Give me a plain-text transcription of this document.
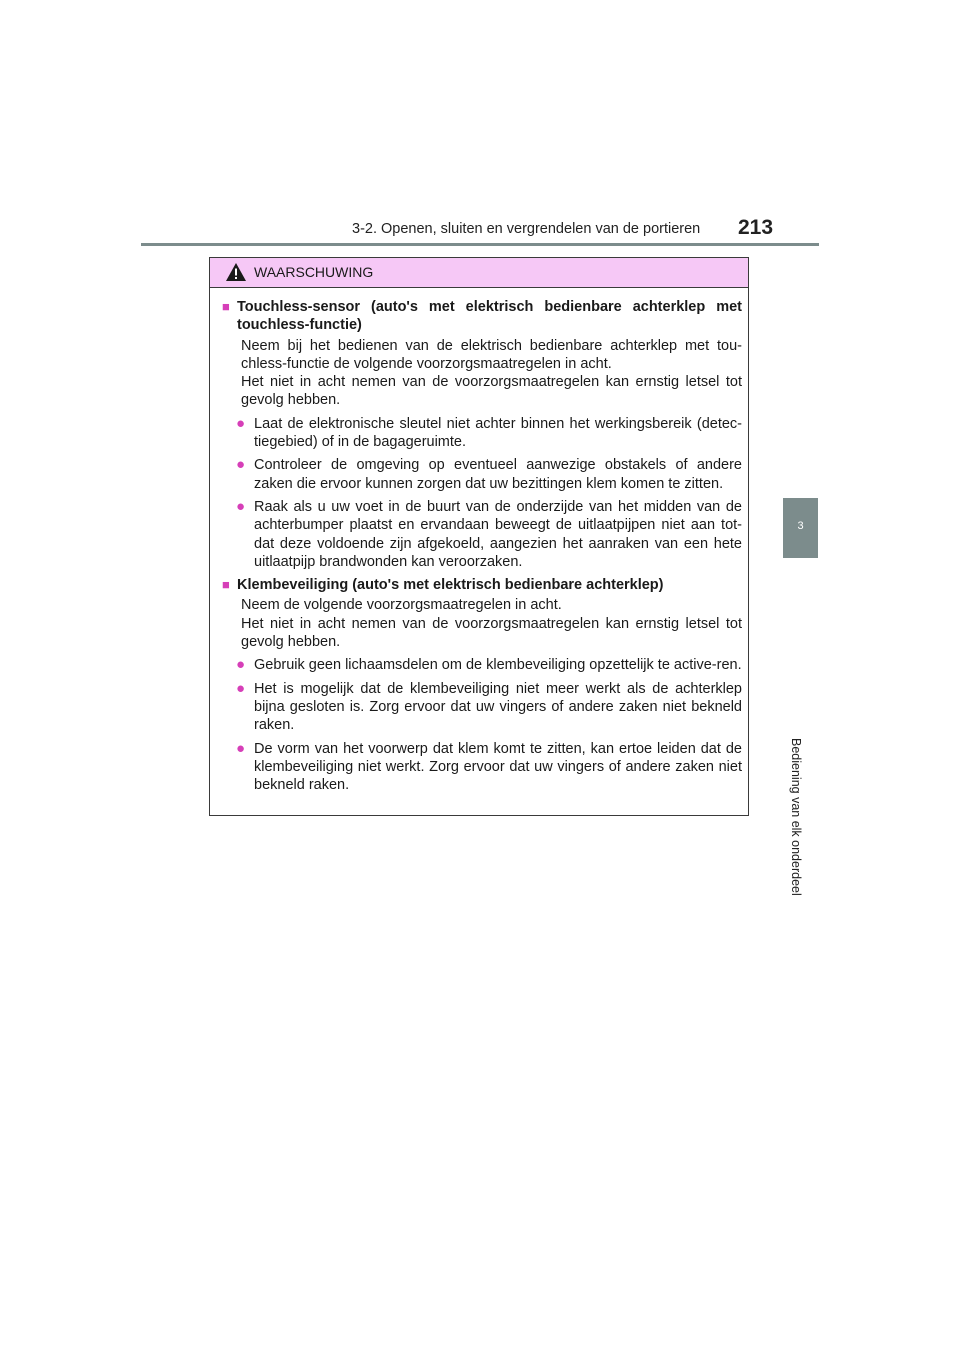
3-2. Openen, sluiten en vergrendelen van de portieren 213
3
Bediening van elk onderdeel
WAARSCHUWING
■ Touchless-sensor (auto's met elektrisch bedienbare achterklep met touchless-functie)
Neem bij het bedienen van de elektrisch bedienbare achterklep met tou-chless-functie de volgende voorzorgsmaatregelen in acht.
Het niet in acht nemen van de voorzorgsmaatregelen kan ernstig letsel tot gevolg hebben.
● Laat de elektronische sleutel niet achter binnen het werkingsbereik (detec-tiegebied) of in de bagageruimte.
● Controleer de omgeving op eventueel aanwezige obstakels of andere zaken die ervoor kunnen zorgen dat uw bezittingen klem komen te zitten.
● Raak als u uw voet in de buurt van de onderzijde van het midden van de achterbumper plaatst en ervandaan beweegt de uitlaatpijpen niet aan tot-dat deze voldoende zijn afgekoeld, aangezien het aanraken van een hete uitlaatpijp brandwonden kan veroorzaken.
■ Klembeveiliging (auto's met elektrisch bedienbare achterklep)
Neem de volgende voorzorgsmaatregelen in acht.
Het niet in acht nemen van de voorzorgsmaatregelen kan ernstig letsel tot gevolg hebben.
● Gebruik geen lichaamsdelen om de klembeveiliging opzettelijk te active-ren.
● Het is mogelijk dat de klembeveiliging niet meer werkt als de achterklep bijna gesloten is. Zorg ervoor dat uw vingers of andere zaken niet bekneld raken.
● De vorm van het voorwerp dat klem komt te zitten, kan ertoe leiden dat de klembeveiliging niet werkt. Zorg ervoor dat uw vingers of andere zaken niet bekneld raken.
